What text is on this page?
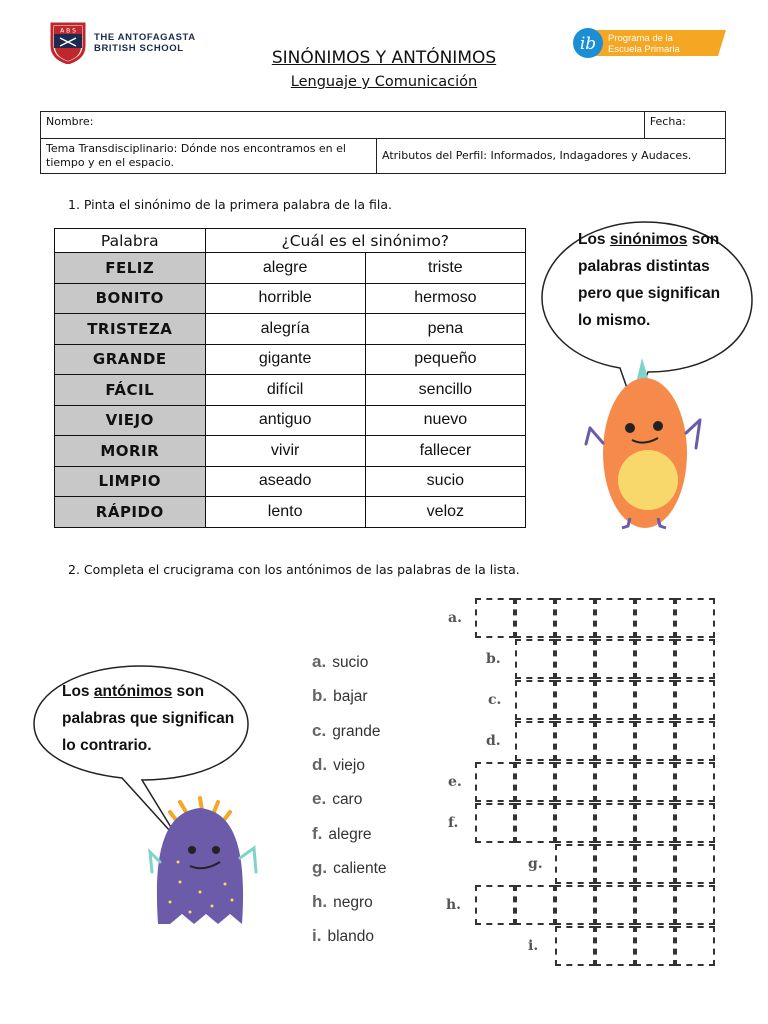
A B S
THE ANTOFAGASTA
BRITISH SCHOOL	ib Programa de la
Escuela Primaria
SINÓNIMOS Y ANTÓNIMOS
Lenguaje y Comunicación
Nombre:		Fecha:
Tema Transdisciplinario: Dónde nos encontramos en el tiempo y en el espacio.	Atributos del Perfil: Informados, Indagadores y Audaces.	
1. Pinta el sinónimo de la primera palabra de la fila.
Palabra	¿Cuál es el sinónimo?	
FELIZ	alegre	triste
BONITO	horrible	hermoso
TRISTEZA	alegría	pena
GRANDE	gigante	pequeño
FÁCIL	difícil	sencillo
VIEJO	antiguo	nuevo
MORIR	vivir	fallecer
LIMPIO	aseado	sucio
RÁPIDO	lento	veloz
Los sinónimos son
palabras distintas
pero que significan
lo mismo.
2. Completa el crucigrama con los antónimos de las palabras de la lista.
Los antónimos son
palabras que significan
lo contrario.
a. sucio
b. bajar
c. grande
d. viejo
e. caro
f. alegre
g. caliente
h. negro
i. blando
a.
b.
c.
d.
e.
f.
g.
h.
i.
